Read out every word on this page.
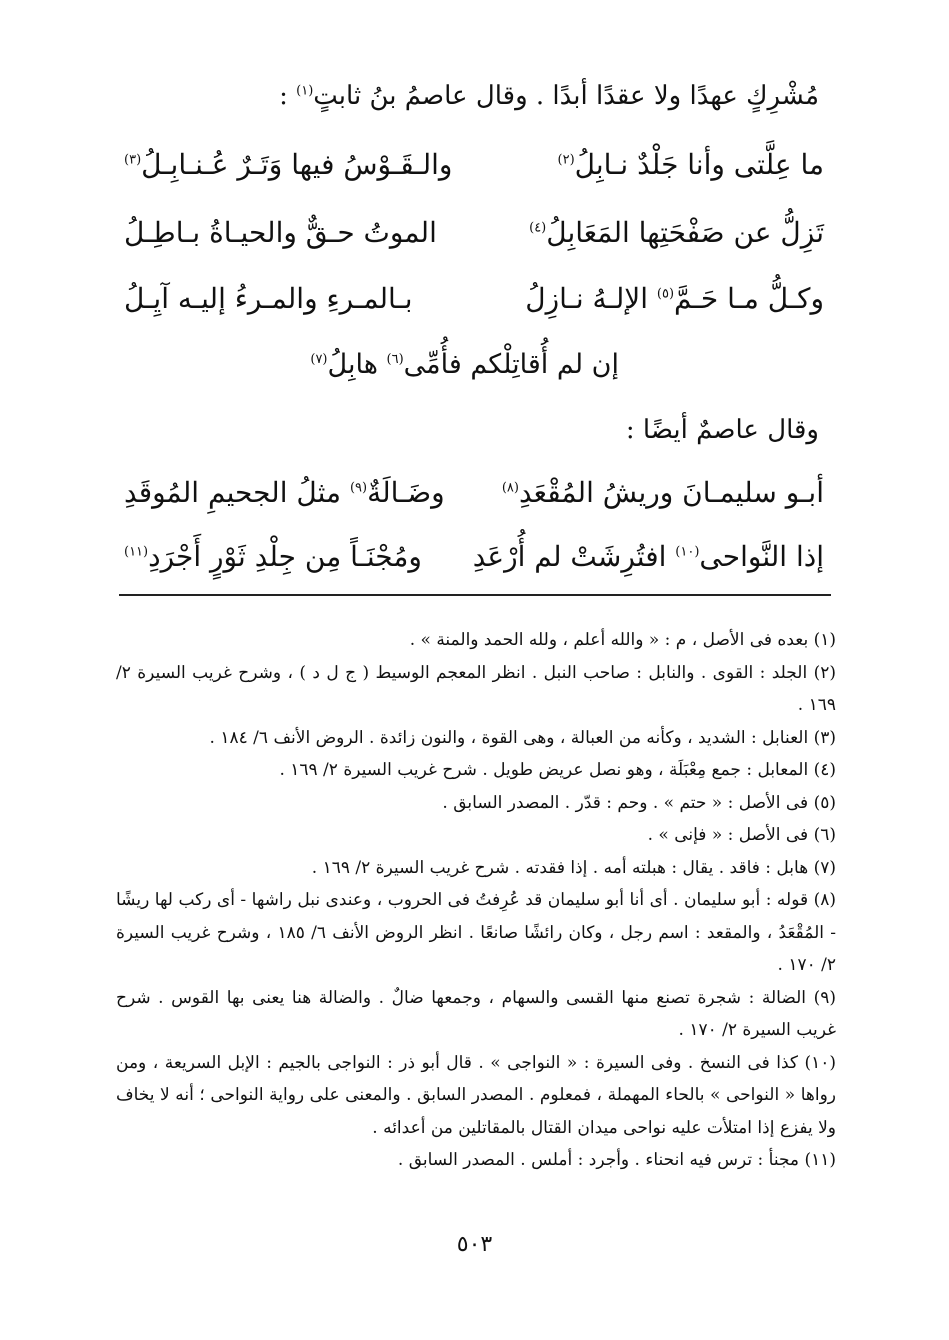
مُشْرِكٍ عهدًا ولا عقدًا أبدًا . وقال عاصمُ بنُ ثابتٍ$^{(١)}$ :
ما عِلَّتى وأنا جَلْدٌ نـابِلُ$^{(٢)}$
والـقَـوْسُ فيها وَتَـرٌ عُـنـابِـلُ$^{(٣)}$
تَزِلُّ عن صَفْحَتِها المَعَابِلُ$^{(٤)}$
الموتُ حـقٌّ والحيـاةُ بـاطِـلُ
وكـلُّ مـا حَـمَّ$^{(٥)}$ الإلـهُ نـازِلُ
بـالمـرءِ والمـرءُ إليـه آيِـلُ
إن لم أُقاتِلْكم فأُمِّى$^{(٦)}$ هابِلُ$^{(٧)}$
وقال عاصمٌ أيضًا :
أبـو سليمـانَ وريشُ المُقْعَدِ$^{(٨)}$
وضَـالَةٌ$^{(٩)}$ مثلُ الجحيمِ المُوقَدِ
إذا النَّواحى$^{(١٠)}$ افتُرِشَتْ لم أُرْعَدِ
ومُجْنَـاً مِن جِلْدِ ثَوْرٍ أَجْرَدِ$^{(١١)}$

(١) بعده فى الأصل ، م : « والله أعلم ، ولله الحمد والمنة » .

(٢) الجلد : القوى . والنابل : صاحب النبل . انظر المعجم الوسيط ( ج ل د ) ، وشرح غريب السيرة ٢/ ١٦٩ .

(٣) العنابل : الشديد ، وكأنه من العبالة ، وهى القوة ، والنون زائدة . الروض الأنف ٦/ ١٨٤ .

(٤) المعابل : جمع مِعْبَلَة ، وهو نصل عريض طويل . شرح غريب السيرة ٢/ ١٦٩ .

(٥) فى الأصل : « حتم » . وحم : قدّر . المصدر السابق .

(٦) فى الأصل : « فإنى » .

(٧) هابل : فاقد . يقال : هبلته أمه . إذا فقدته . شرح غريب السيرة ٢/ ١٦٩ .

(٨) قوله : أبو سليمان . أى أنا أبو سليمان قد عُرِفتُ فى الحروب ، وعندى نبل راشها - أى ركب لها ريشًا - المُقْعَدُ ، والمقعد : اسم رجل ، وكان رائشًا صانعًا . انظر الروض الأنف ٦/ ١٨٥ ، وشرح غريب السيرة ٢/ ١٧٠ .

(٩) الضالة : شجرة تصنع منها القسى والسهام ، وجمعها ضالٌ . والضالة هنا يعنى بها القوس . شرح غريب السيرة ٢/ ١٧٠ .

(١٠) كذا فى النسخ . وفى السيرة : « النواجى » . قال أبو ذر : النواجى بالجيم : الإبل السريعة ، ومن رواها « النواحى » بالحاء المهملة ، فمعلوم . المصدر السابق . والمعنى على رواية النواحى ؛ أنه لا يخاف ولا يفزع إذا امتلأت عليه نواحى ميدان القتال بالمقاتلين من أعدائه .

(١١) مجنأ : ترس فيه انحناء . وأجرد : أملس . المصدر السابق .

٥٠٣
